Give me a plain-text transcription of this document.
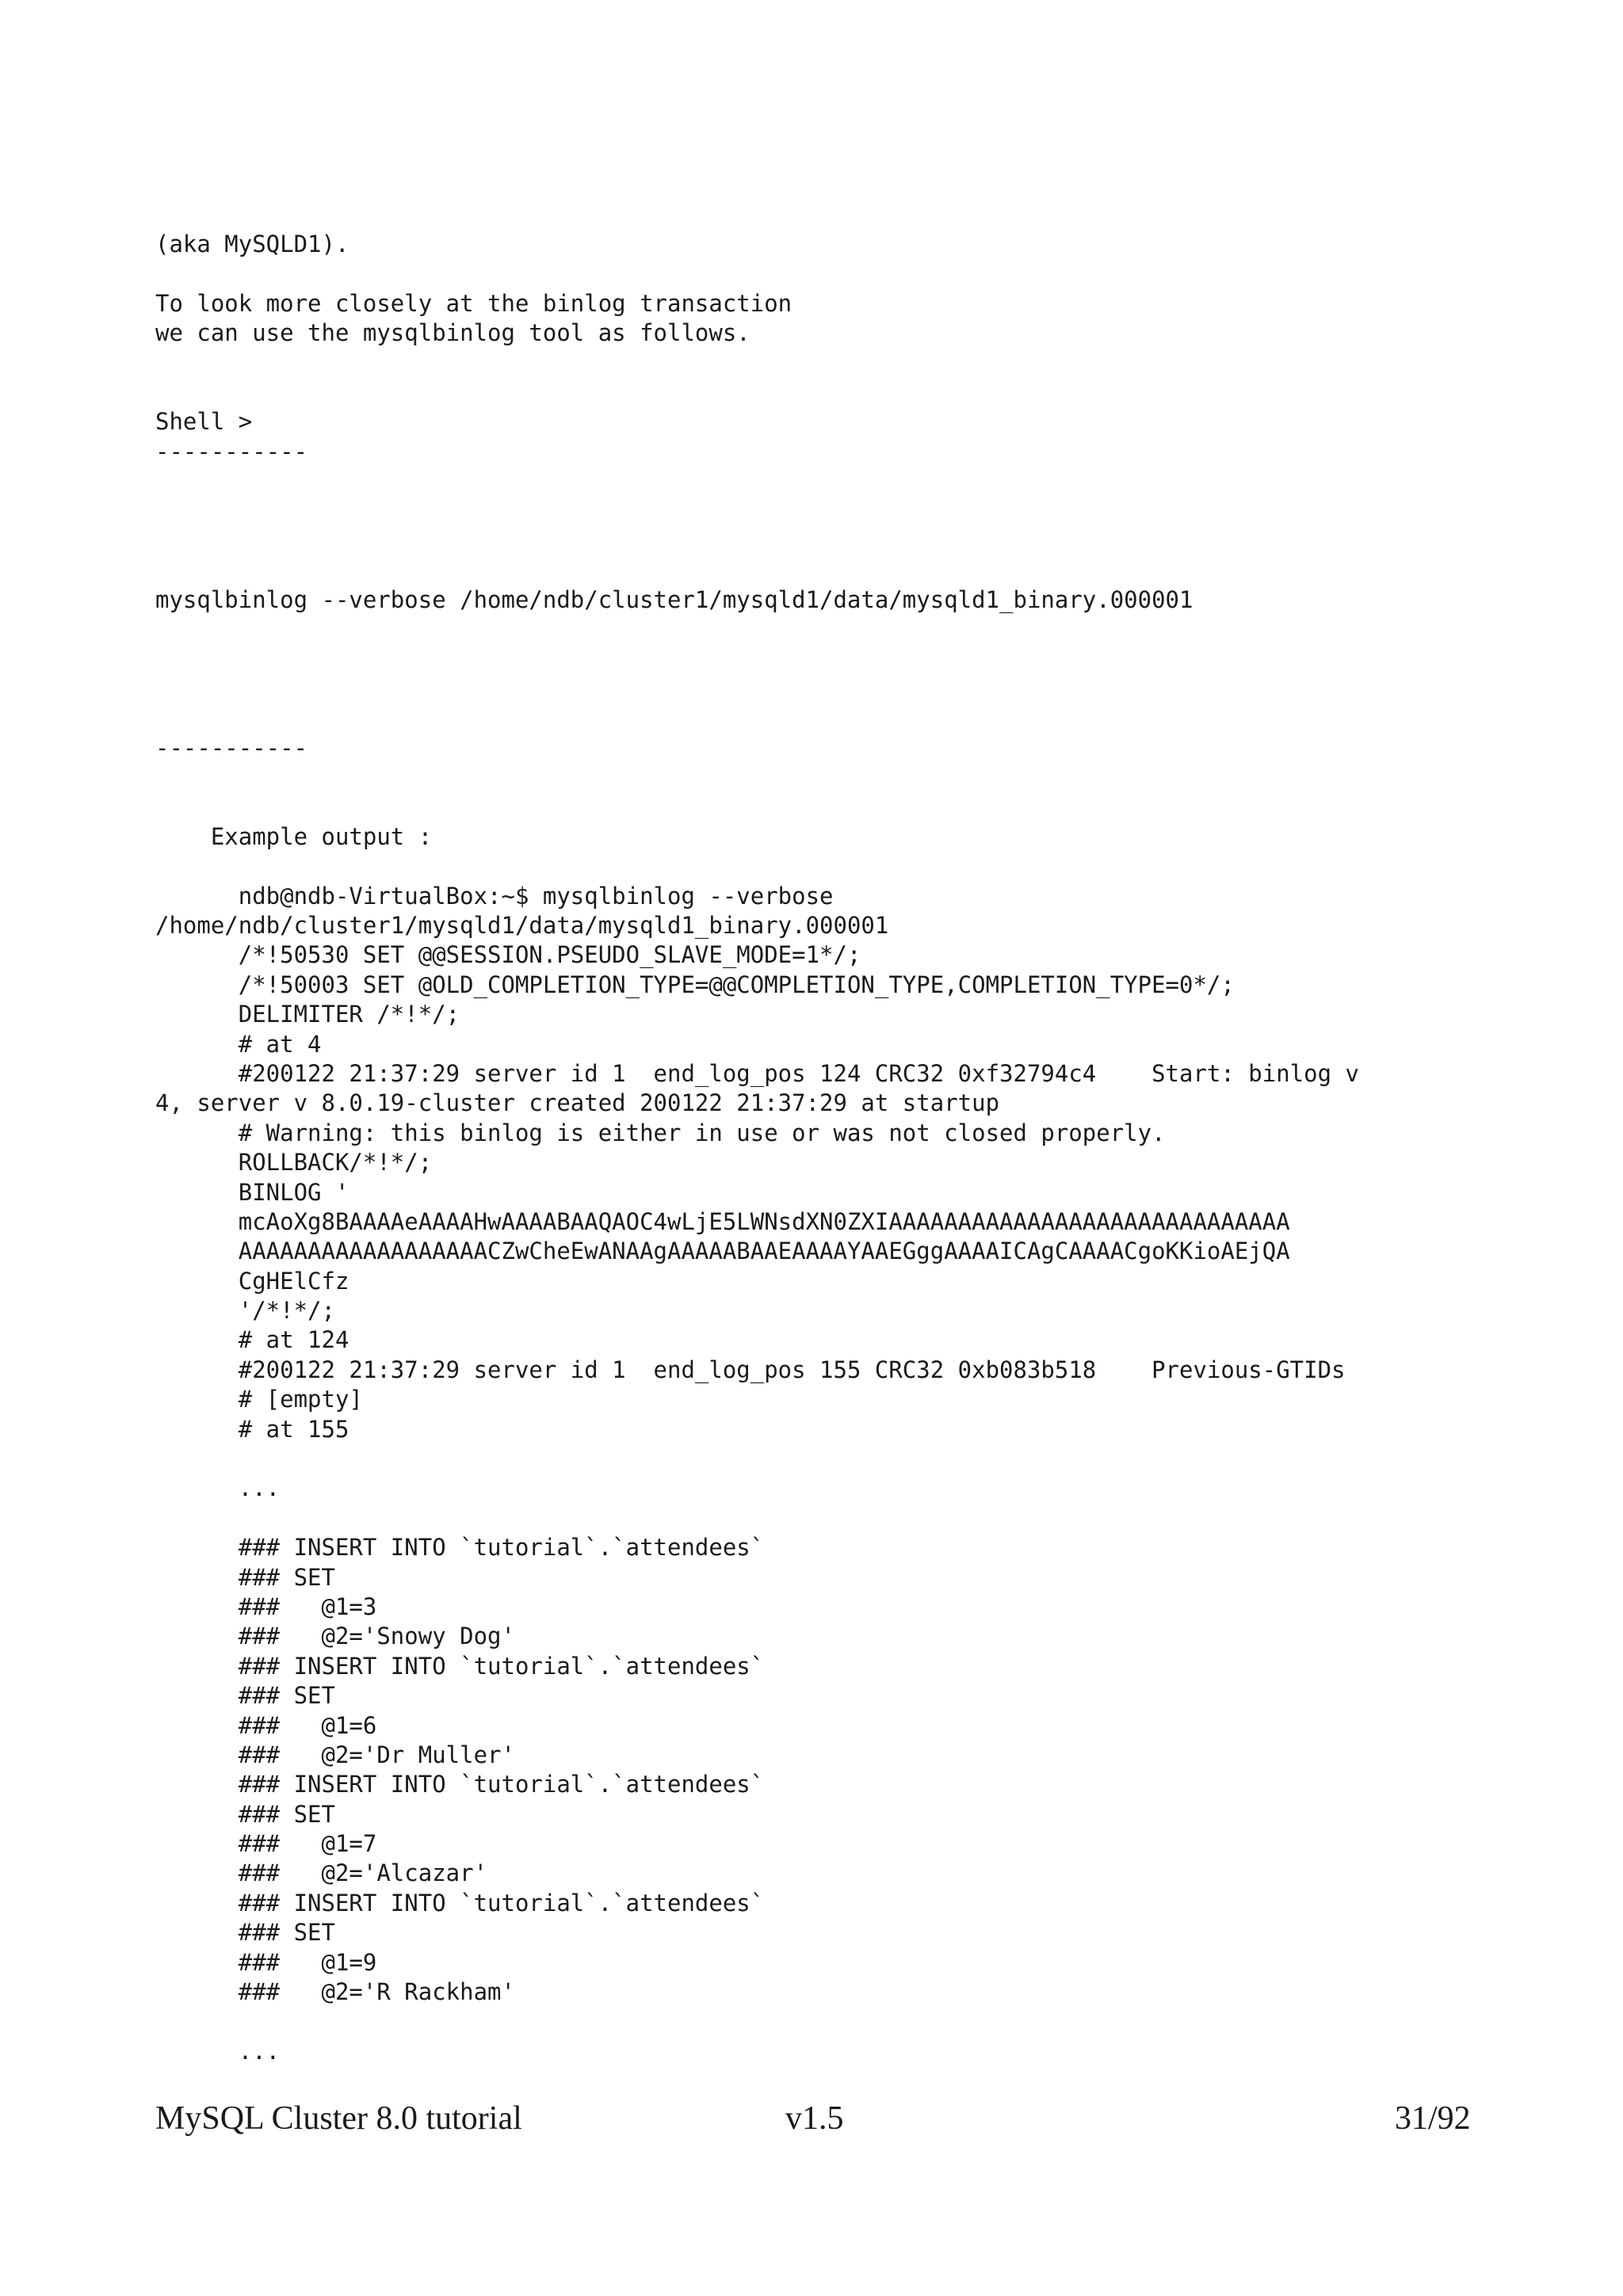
(aka MySQLD1).
To look more closely at the binlog transaction
we can use the mysqlbinlog tool as follows.
Shell >
-----------
mysqlbinlog --verbose /home/ndb/cluster1/mysqld1/data/mysqld1_binary.000001
-----------
Example output :
ndb@ndb-VirtualBox:~$ mysqlbinlog --verbose
/home/ndb/cluster1/mysqld1/data/mysqld1_binary.000001
/*!50530 SET @@SESSION.PSEUDO_SLAVE_MODE=1*/;
/*!50003 SET @OLD_COMPLETION_TYPE=@@COMPLETION_TYPE,COMPLETION_TYPE=0*/;
DELIMITER /*!*/;
# at 4
#200122 21:37:29 server id 1  end_log_pos 124 CRC32 0xf32794c4    Start: binlog v
4, server v 8.0.19-cluster created 200122 21:37:29 at startup
# Warning: this binlog is either in use or was not closed properly.
ROLLBACK/*!*/;
BINLOG '
mcAoXg8BAAAAeAAAAHwAAAABAAQAOC4wLjE5LWNsdXN0ZXIAAAAAAAAAAAAAAAAAAAAAAAAAAAAA
AAAAAAAAAAAAAAAAAACZwCheEwANAAgAAAAABAAEAAAAYAAEGggAAAAICAgCAAAACgoKKioAEjQA
CgHElCfz
'/*!*/;
# at 124
#200122 21:37:29 server id 1  end_log_pos 155 CRC32 0xb083b518    Previous-GTIDs
# [empty]
# at 155
...
### INSERT INTO `tutorial`.`attendees`
### SET
###   @1=3
###   @2='Snowy Dog'
### INSERT INTO `tutorial`.`attendees`
### SET
###   @1=6
###   @2='Dr Muller'
### INSERT INTO `tutorial`.`attendees`
### SET
###   @1=7
###   @2='Alcazar'
### INSERT INTO `tutorial`.`attendees`
### SET
###   @1=9
###   @2='R Rackham'
...
MySQL Cluster 8.0 tutorial	v1.5	31/92
